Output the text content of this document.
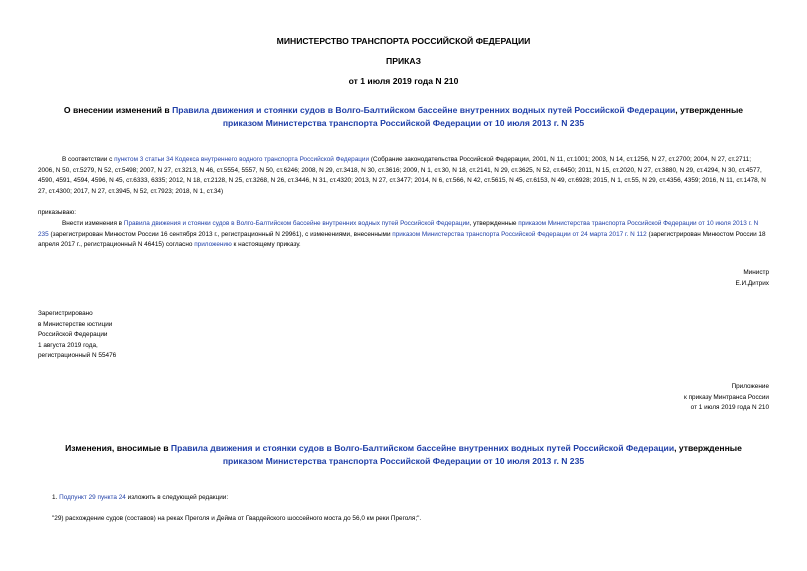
МИНИСТЕРСТВО ТРАНСПОРТА РОССИЙСКОЙ ФЕДЕРАЦИИ
ПРИКАЗ
от 1 июля 2019 года N 210
О внесении изменений в Правила движения и стоянки судов в Волго-Балтийском бассейне внутренних водных путей Российской Федерации, утвержденные приказом Министерства транспорта Российской Федерации от 10 июля 2013 г. N 235
В соответствии с пунктом 3 статьи 34 Кодекса внутреннего водного транспорта Российской Федерации (Собрание законодательства Российской Федерации, 2001, N 11, ст.1001; 2003, N 14, ст.1256, N 27, ст.2700; 2004, N 27, ст.2711; 2006, N 50, ст.5279, N 52, ст.5498; 2007, N 27, ст.3213, N 46, ст.5554, 5557, N 50, ст.6246; 2008, N 29, ст.3418, N 30, ст.3616; 2009, N 1, ст.30, N 18, ст.2141, N 29, ст.3625, N 52, ст.6450; 2011, N 15, ст.2020, N 27, ст.3880, N 29, ст.4294, N 30, ст.4577, 4590, 4591, 4594, 4596, N 45, ст.6333, 6335; 2012, N 18, ст.2128, N 25, ст.3268, N 26, ст.3446, N 31, ст.4320; 2013, N 27, ст.3477; 2014, N 6, ст.566, N 42, ст.5615, N 45, ст.6153, N 49, ст.6928; 2015, N 1, ст.55, N 29, ст.4356, 4359; 2016, N 11, ст.1478, N 27, ст.4300; 2017, N 27, ст.3945, N 52, ст.7923; 2018, N 1, ст.34)
приказываю:
Внести изменения в Правила движения и стоянки судов в Волго-Балтийском бассейне внутренних водных путей Российской Федерации, утвержденные приказом Министерства транспорта Российской Федерации от 10 июля 2013 г. N 235 (зарегистрирован Минюстом России 16 сентября 2013 г., регистрационный N 29961), с изменениями, внесенными приказом Министерства транспорта Российской Федерации от 24 марта 2017 г. N 112 (зарегистрирован Минюстом России 18 апреля 2017 г., регистрационный N 46415) согласно приложению к настоящему приказу.
Министр
Е.И.Дитрих
Зарегистрировано
в Министерстве юстиции
Российской Федерации
1 августа 2019 года,
регистрационный N 55476
Приложение
к приказу Минтранса России
от 1 июля 2019 года N 210
Изменения, вносимые в Правила движения и стоянки судов в Волго-Балтийском бассейне внутренних водных путей Российской Федерации, утвержденные приказом Министерства транспорта Российской Федерации от 10 июля 2013 г. N 235
1. Подпункт 29 пункта 24 изложить в следующей редакции:
"29) расхождение судов (составов) на реках Преголя и Дейма от Гвардейского шоссейного моста до 56,0 км реки Преголя;".
